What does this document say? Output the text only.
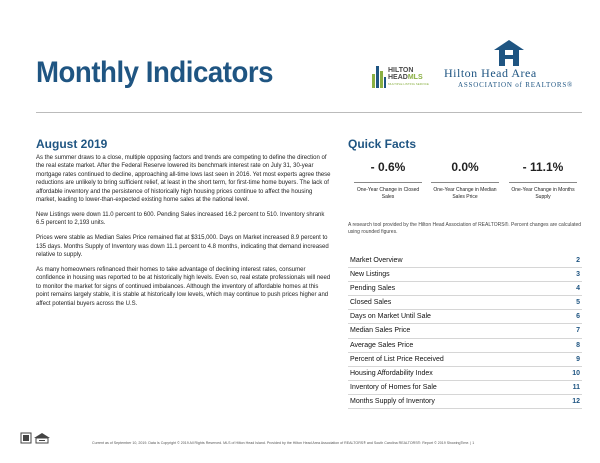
Monthly Indicators	HILTON
HEADMLS
MULTIPLE LISTING SERVICE
Hilton Head Area
ASSOCIATION of REALTORS®
August 2019

As the summer draws to a close, multiple opposing factors and trends are competing to define the direction of the real estate market. After the Federal Reserve lowered its benchmark interest rate on July 31, 30-year mortgage rates continued to decline, approaching all-time lows last seen in 2016. Yet most experts agree these reductions are unlikely to bring sufficient relief, at least in the short term, for first-time home buyers. The lack of affordable inventory and the persistence of historically high housing prices continue to affect the housing market, leading to lower-than-expected existing home sales at the national level.

New Listings were down 11.0 percent to 600. Pending Sales increased 16.2 percent to 510. Inventory shrank 6.5 percent to 2,193 units.

Prices were stable as Median Sales Price remained flat at $315,000. Days on Market increased 8.9 percent to 135 days. Months Supply of Inventory was down 11.1 percent to 4.8 months, indicating that demand increased relative to supply.

As many homeowners refinanced their homes to take advantage of declining interest rates, consumer confidence in housing was reported to be at historically high levels. Even so, real estate professionals will need to monitor the market for signs of continued imbalances. Although the inventory of affordable homes at this point remains largely stable, it is stable at historically low levels, which may continue to push prices higher and affect potential buyers across the U.S.

Quick Facts
- 0.6%
One-Year Change in Closed Sales
0.0%
One-Year Change in Median Sales Price
- 11.1%
One-Year Change in Months Supply
A research tool provided by the Hilton Head Association of REALTORS®. Percent changes are calculated using rounded figures.
Market Overview	2
New Listings	3
Pending Sales	4
Closed Sales	5
Days on Market Until Sale	6
Median Sales Price	7
Average Sales Price	8
Percent of List Price Received	9
Housing Affordability Index	10
Inventory of Homes for Sale	11
Months Supply of Inventory	12
Current as of September 10, 2019. Data Is Copyright © 2019 All Rights Reserved. MLS of Hilton Head Island. Provided by the Hilton Head Area Association of REALTORS® and South Carolina REALTORS®. Report © 2019 ShowingTime. | 1
